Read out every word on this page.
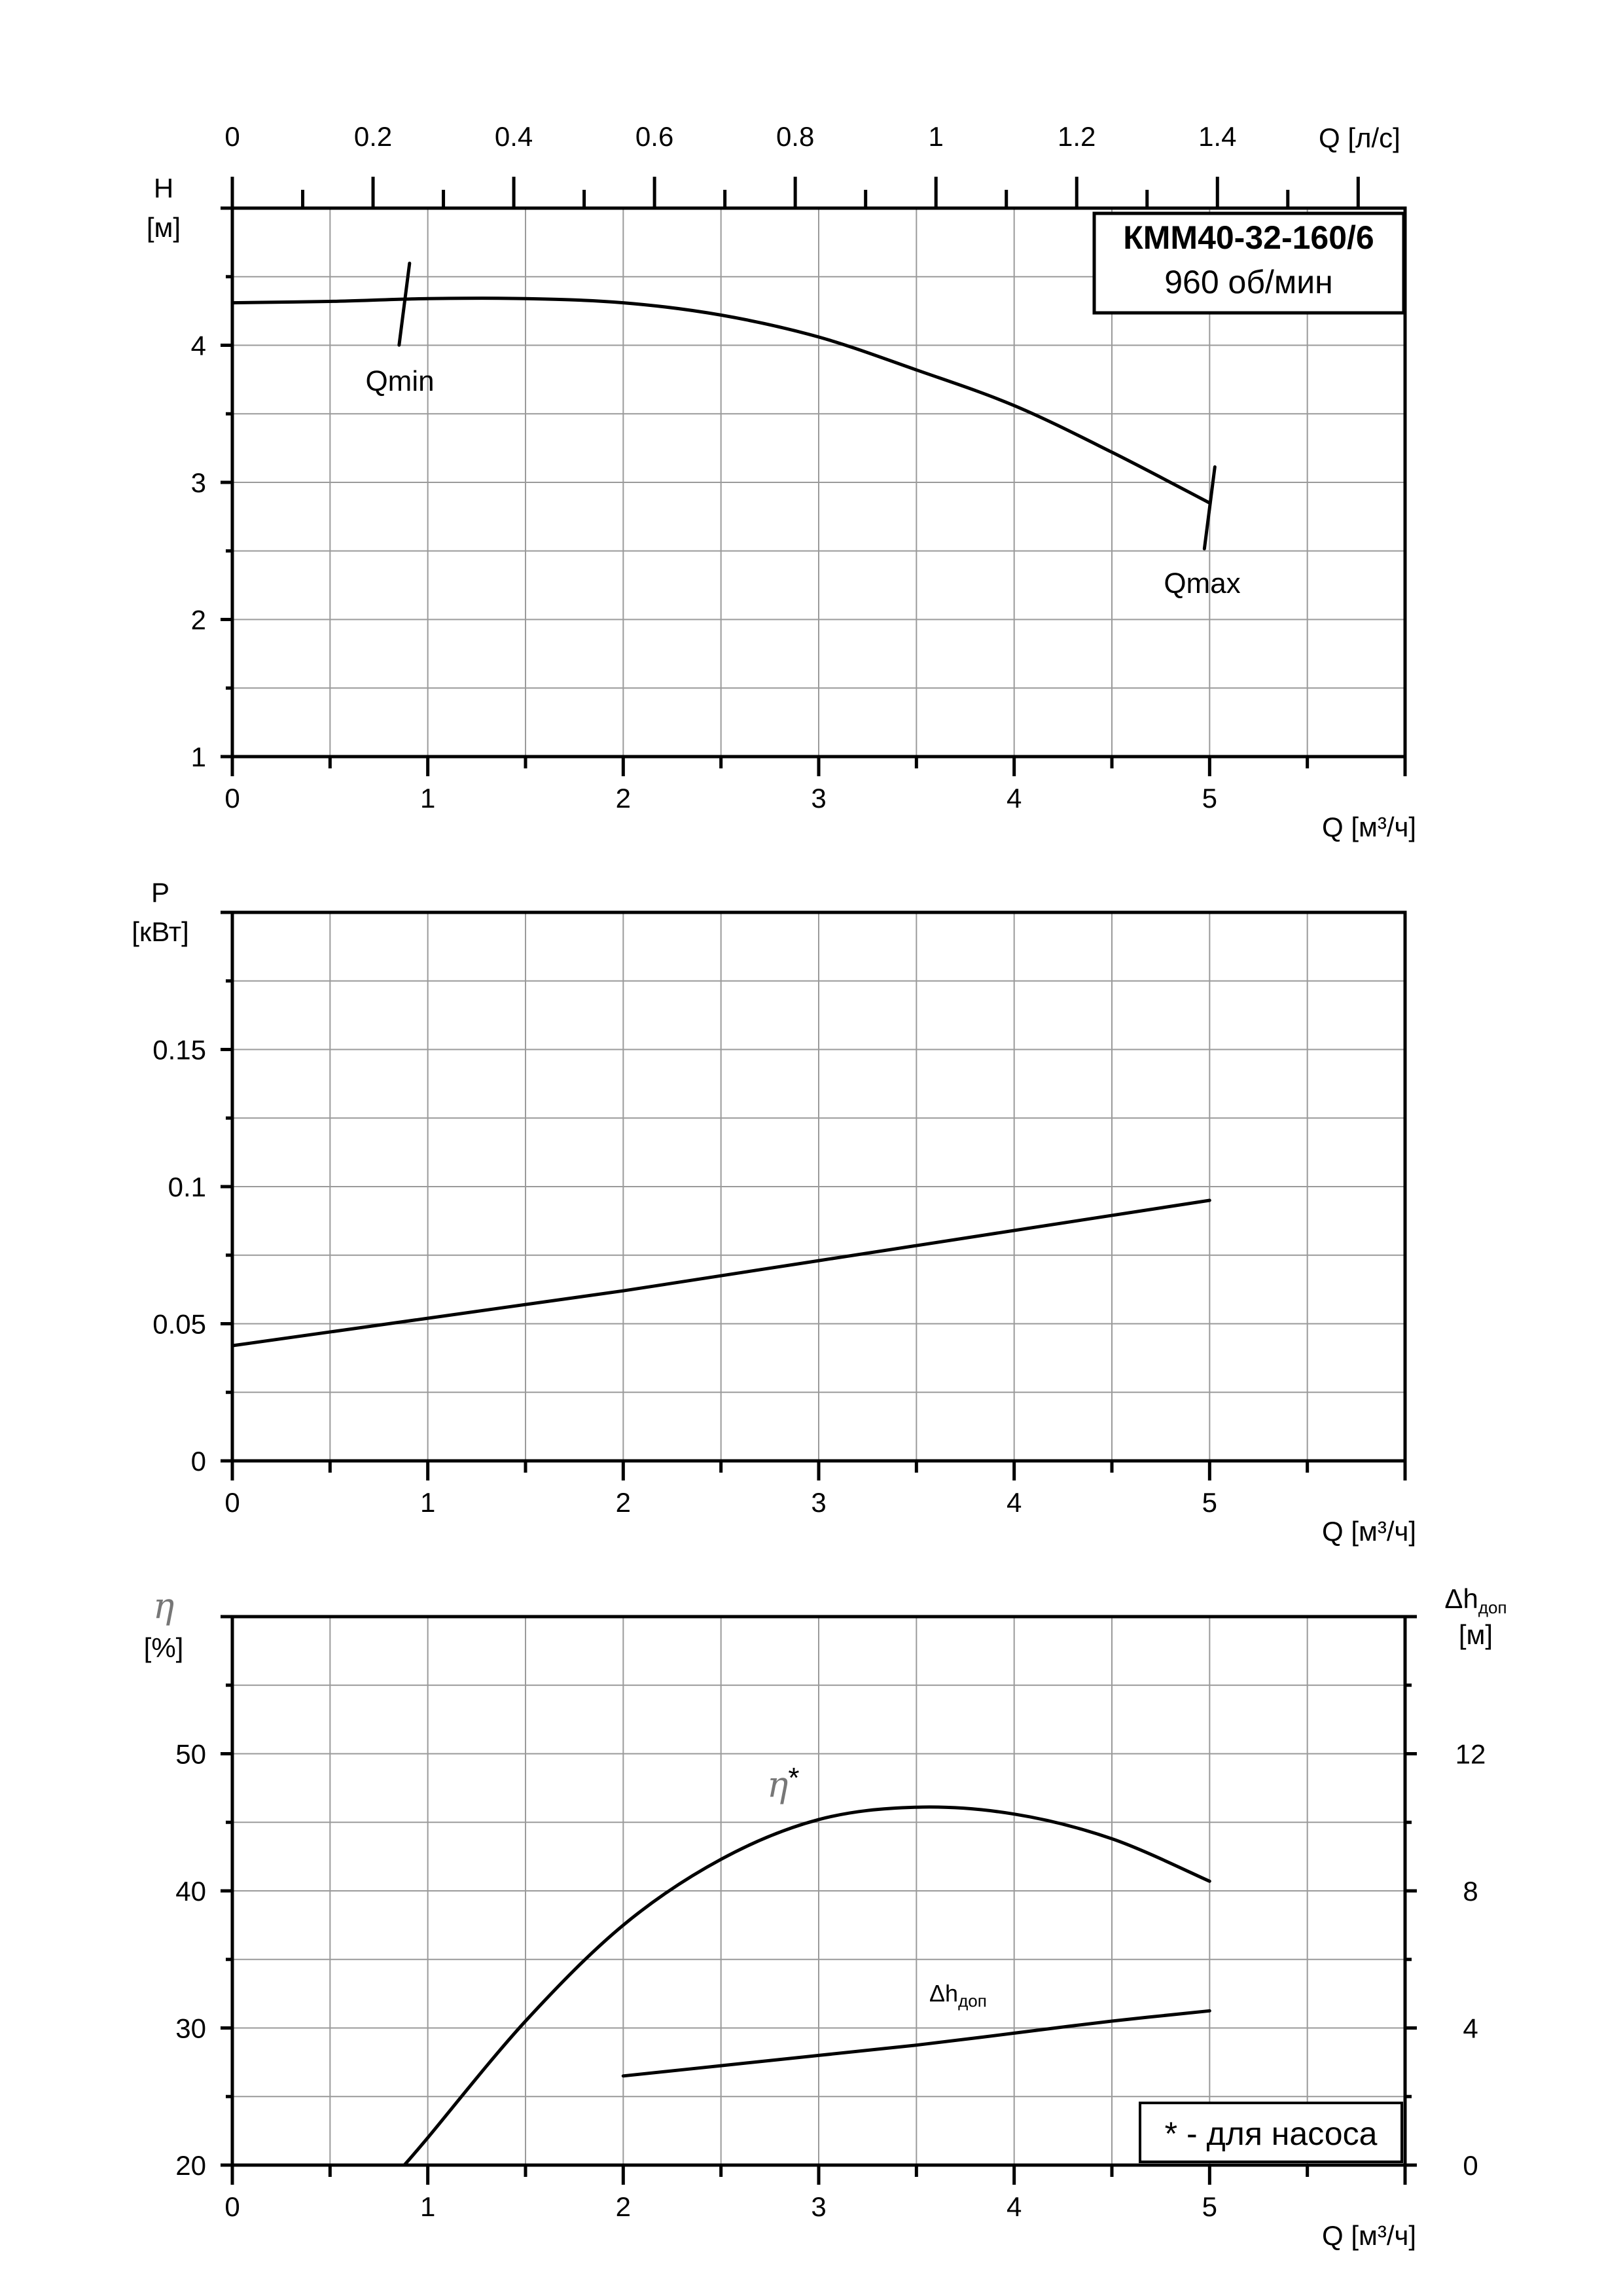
0	1	2	3	4	5
1
2
3
4
0	0.2	0.4	0.6	0.8	1	1.2	1.4
H
[м]
Q [м³/ч]
Q [л/с]
КММ40-32-160/6
960 об/мин
Qmin
Qmax
0	1	2	3	4	5
0
0.05
0.1
0.15
P
[кВт]
Q [м³/ч]
0	1	2	3	4	5
20
30
40
50
0
4
8
12
η
[%]
Δhдоп
[м]
Q [м³/ч]
η*
Δhдоп
* - для насоса
